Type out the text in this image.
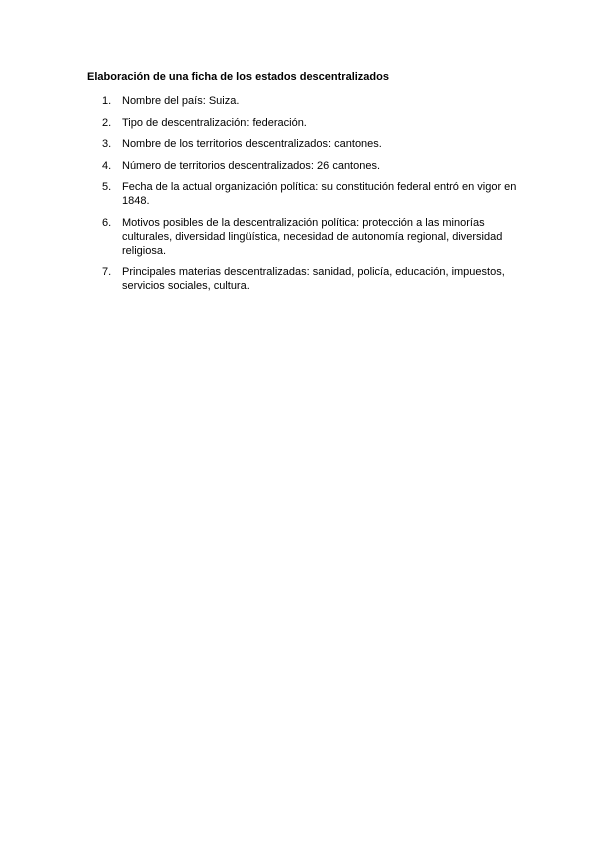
Elaboración de una ficha de los estados descentralizados
1. Nombre del país: Suiza.
2. Tipo de descentralización: federación.
3. Nombre de los territorios descentralizados: cantones.
4. Número de territorios descentralizados: 26 cantones.
5. Fecha de la actual organización política: su constitución federal entró en vigor en 1848.
6. Motivos posibles de la descentralización política: protección a las minorías culturales, diversidad lingüística, necesidad de autonomía regional, diversidad religiosa.
7. Principales materias descentralizadas: sanidad, policía, educación, impuestos, servicios sociales, cultura.
